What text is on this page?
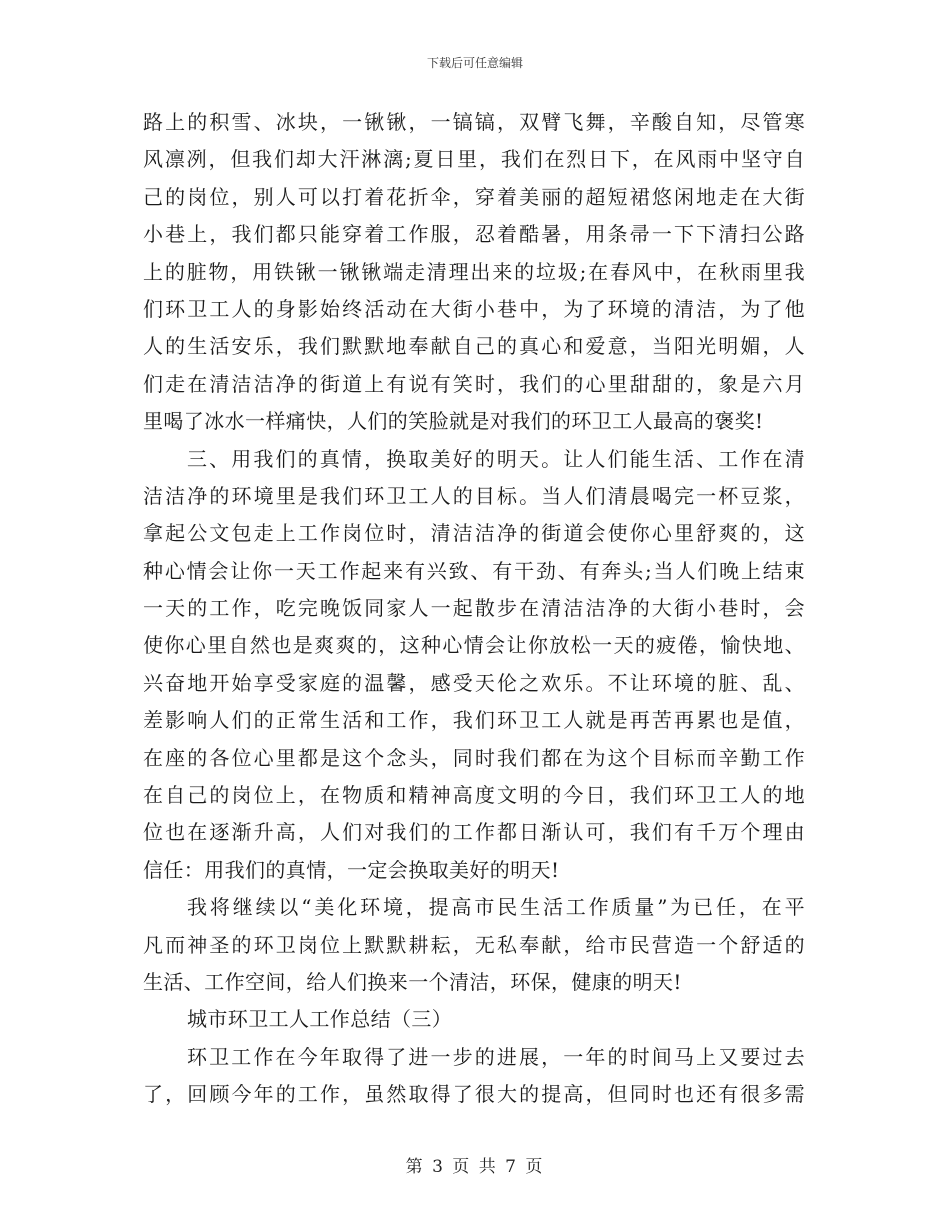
下载后可任意编辑
路上的积雪、冰块，一锹锹，一镐镐，双臂飞舞，辛酸自知，尽管寒
风凛冽，但我们却大汗淋漓;夏日里，我们在烈日下，在风雨中坚守自
己的岗位，别人可以打着花折伞，穿着美丽的超短裙悠闲地走在大街
小巷上，我们都只能穿着工作服，忍着酷暑，用条帚一下下清扫公路
上的脏物，用铁锹一锹锹端走清理出来的垃圾;在春风中，在秋雨里我
们环卫工人的身影始终活动在大街小巷中，为了环境的清洁，为了他
人的生活安乐，我们默默地奉献自己的真心和爱意，当阳光明媚，人
们走在清洁洁净的街道上有说有笑时，我们的心里甜甜的，象是六月
里喝了冰水一样痛快，人们的笑脸就是对我们的环卫工人最高的褒奖!
三、用我们的真情，换取美好的明天。让人们能生活、工作在清
洁洁净的环境里是我们环卫工人的目标。当人们清晨喝完一杯豆浆，
拿起公文包走上工作岗位时，清洁洁净的街道会使你心里舒爽的，这
种心情会让你一天工作起来有兴致、有干劲、有奔头;当人们晚上结束
一天的工作，吃完晚饭同家人一起散步在清洁洁净的大街小巷时，会
使你心里自然也是爽爽的，这种心情会让你放松一天的疲倦，愉快地、
兴奋地开始享受家庭的温馨，感受天伦之欢乐。不让环境的脏、乱、
差影响人们的正常生活和工作，我们环卫工人就是再苦再累也是值，
在座的各位心里都是这个念头，同时我们都在为这个目标而辛勤工作
在自己的岗位上，在物质和精神高度文明的今日，我们环卫工人的地
位也在逐渐升高，人们对我们的工作都日渐认可，我们有千万个理由
信任：用我们的真情，一定会换取美好的明天!
我将继续以“美化环境，提高市民生活工作质量”为已任，在平
凡而神圣的环卫岗位上默默耕耘，无私奉献，给市民营造一个舒适的
生活、工作空间，给人们换来一个清洁，环保，健康的明天!
城市环卫工人工作总结（三）
环卫工作在今年取得了进一步的进展，一年的时间马上又要过去
了，回顾今年的工作，虽然取得了很大的提高，但同时也还有很多需
第 3 页 共 7 页
